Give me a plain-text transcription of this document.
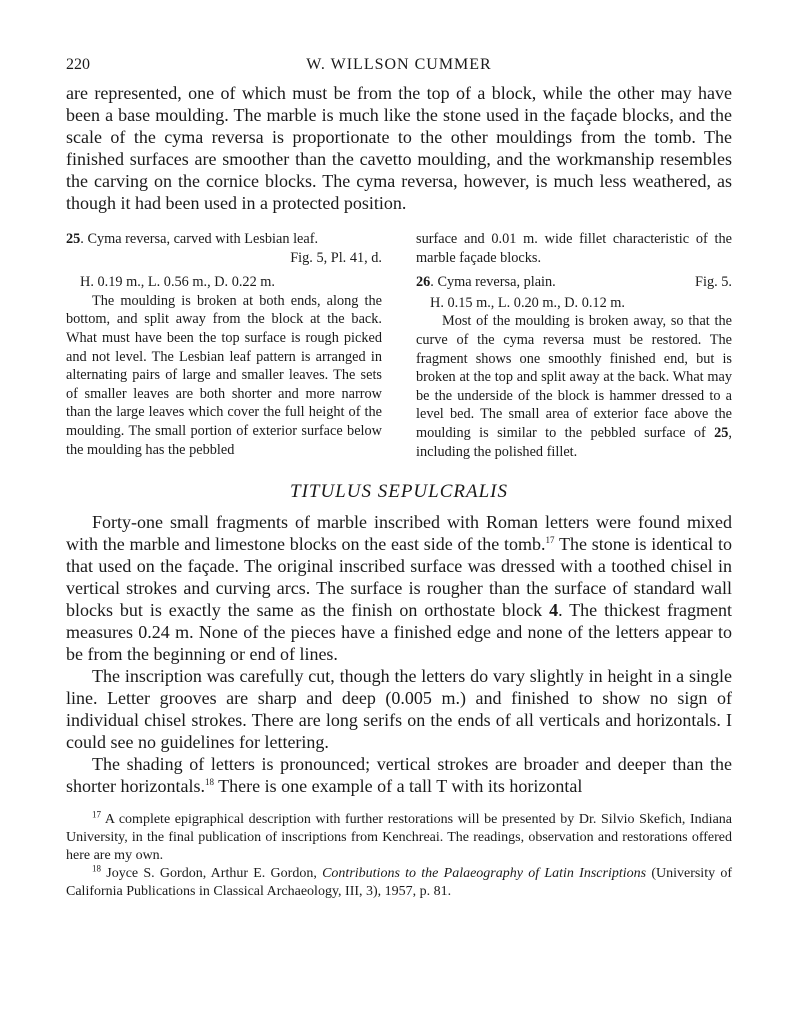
220	W. WILLSON CUMMER

are represented, one of which must be from the top of a block, while the other may have been a base moulding. The marble is much like the stone used in the façade blocks, and the scale of the cyma reversa is proportionate to the other mouldings from the tomb. The finished surfaces are smoother than the cavetto moulding, and the workmanship resembles the carving on the cornice blocks. The cyma reversa, however, is much less weathered, as though it had been used in a protected position.

25. Cyma reversa, carved with Lesbian leaf.

Fig. 5, Pl. 41, d.

H. 0.19 m., L. 0.56 m., D. 0.22 m.

The moulding is broken at both ends, along the bottom, and split away from the block at the back. What must have been the top surface is rough picked and not level. The Lesbian leaf pattern is arranged in alternating pairs of large and smaller leaves. The sets of smaller leaves are both shorter and more narrow than the large leaves which cover the full height of the moulding. The small portion of exterior surface below the moulding has the pebbled

surface and 0.01 m. wide fillet characteristic of the marble façade blocks.

26. Cyma reversa, plain.	Fig. 5.

H. 0.15 m., L. 0.20 m., D. 0.12 m.

Most of the moulding is broken away, so that the curve of the cyma reversa must be restored. The fragment shows one smoothly finished end, but is broken at the top and split away at the back. What may be the underside of the block is hammer dressed to a level bed. The small area of exterior face above the moulding is similar to the pebbled surface of 25, including the polished fillet.

TITULUS SEPULCRALIS

Forty-one small fragments of marble inscribed with Roman letters were found mixed with the marble and limestone blocks on the east side of the tomb.$^{17}$ The stone is identical to that used on the façade. The original inscribed surface was dressed with a toothed chisel in vertical strokes and curving arcs. The surface is rougher than the surface of standard wall blocks but is exactly the same as the finish on orthostate block 4. The thickest fragment measures 0.24 m. None of the pieces have a finished edge and none of the letters appear to be from the beginning or end of lines.

The inscription was carefully cut, though the letters do vary slightly in height in a single line. Letter grooves are sharp and deep (0.005 m.) and finished to show no sign of individual chisel strokes. There are long serifs on the ends of all verticals and horizontals. I could see no guidelines for lettering.

The shading of letters is pronounced; vertical strokes are broader and deeper than the shorter horizontals.$^{18}$ There is one example of a tall T with its horizontal

$^{17}$ A complete epigraphical description with further restorations will be presented by Dr. Silvio Skefich, Indiana University, in the final publication of inscriptions from Kenchreai. The readings, observation and restorations offered here are my own.

$^{18}$ Joyce S. Gordon, Arthur E. Gordon, Contributions to the Palaeography of Latin Inscriptions (University of California Publications in Classical Archaeology, III, 3), 1957, p. 81.
